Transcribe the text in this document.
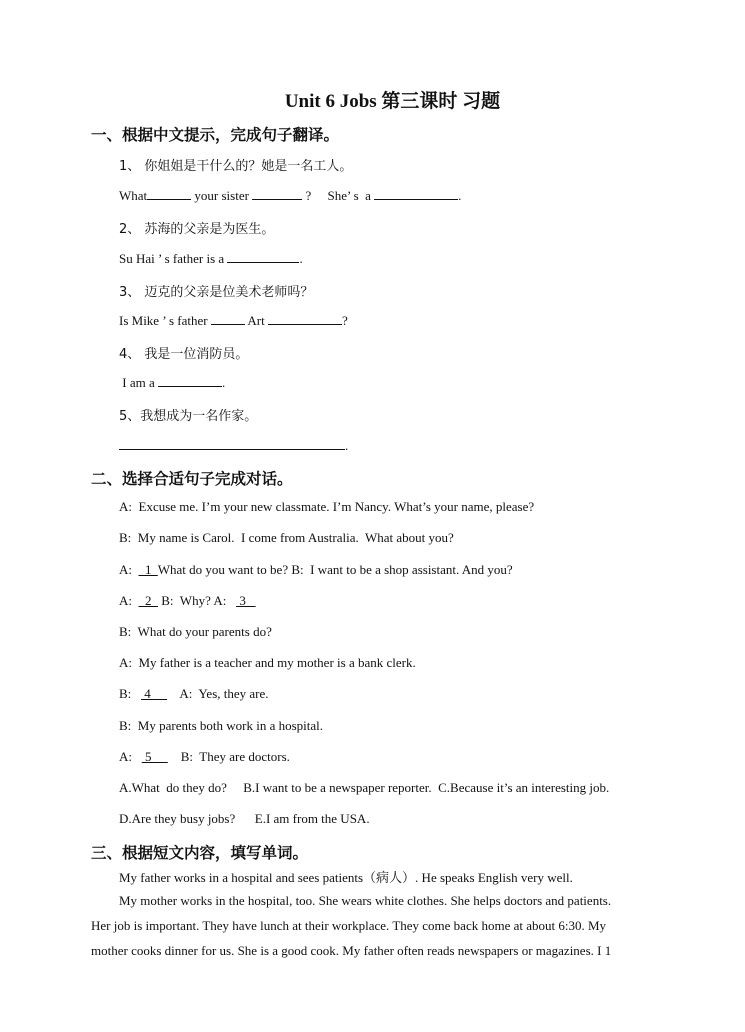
Unit 6 Jobs 第三课时 习题
一、根据中文提示，完成句子翻译。
1、 你姐姐是干什么的？她是一名工人。
What	your sister	?     She’ s  a	.
2、 苏海的父亲是为医生。
Su Hai ’ s father is a	.
3、 迈克的父亲是位美术老师吗？
Is Mike ’ s father	Art	?
4、 我是一位消防员。
I am a	.
5、我想成为一名作家。
.
二、选择合适句子完成对话。
A:  Excuse me. I’m your new classmate. I’m Nancy. What’s your name, please?
B:  My name is Carol.  I come from Australia.  What about you?
A:    1  What do you want to be? B:  I want to be a shop assistant. And you?
A:    2   B:  Why? A:    3
B:  What do your parents do?
A:  My father is a teacher and my mother is a bank clerk.
B:    4         A:  Yes, they are.
B:  My parents both work in a hospital.
A:    5         B:  They are doctors.
A.What  do they do?     B.I want to be a newspaper reporter.  C.Because it’s an interesting job.
D.Are they busy jobs?      E.I am from the USA.
三、根据短文内容，填写单词。
My father works in a hospital and sees patients（病人）. He speaks English very well.
My mother works in the hospital, too. She wears white clothes. She helps doctors and patients.
Her job is important. They have lunch at their workplace. They come back home at about 6:30. My
mother cooks dinner for us. She is a good cook. My father often reads newspapers or magazines. I 1
